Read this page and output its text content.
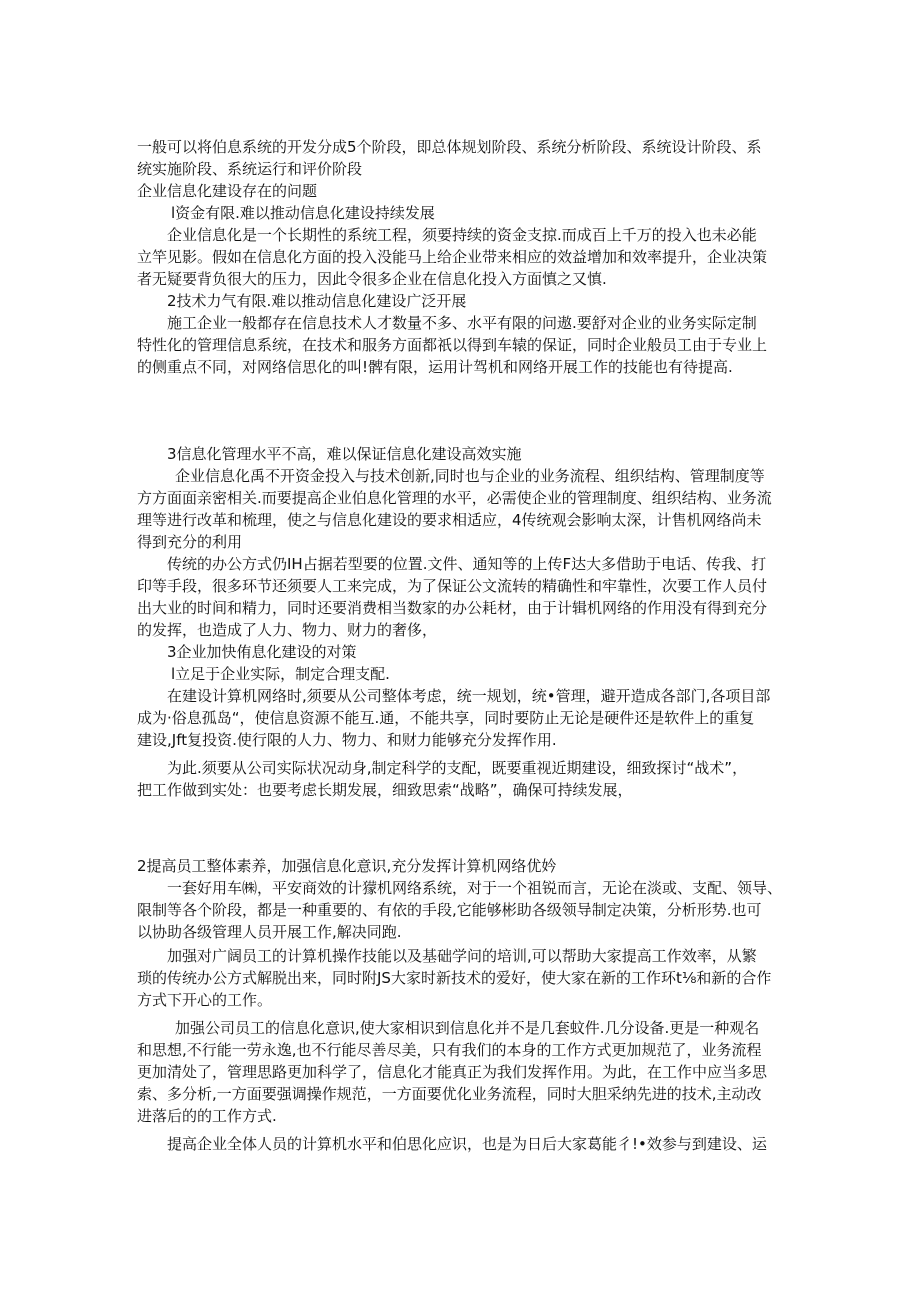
一般可以将伯息系统的开发分成5个阶段，即总体规划阶段、系统分析阶段、系统设计阶段、系
统实施阶段、系统运行和评价阶段
企业信息化建设存在的问题
l资金有限.难以推动信息化建设持续发展
企业信息化是一个长期性的系统工程，须要持续的资金支掠.而成百上千万的投入也未必能
立竿见影。假如在信息化方面的投入没能马上给企业带来相应的效益增加和效率提升，企业决策
者无疑要背负很大的压力，因此令很多企业在信息化投入方面慎之又慎.
2技术力气有限.难以推动信息化建设广泛开展
施工企业一般都存在信息技术人才数量不多、水平有限的问遨.要舒对企业的业务实际定制
特性化的管理信息系统，在技术和服务方面都祇以得到车辕的保证，同时企业般员工由于专业上
的侧重点不同，对网络信思化的叫!髀有限，运用计驾机和网络开展工作的技能也有待提高.
3信息化管理水平不高，难以保证信息化建设高效实施
企业信息化禹不开资金投入与技术创新,同时也与企业的业务流程、组织结构、管理制度等
方方面面亲密相关.而要提高企业伯息化管理的水平，必需使企业的管理制度、组织结构、业务流
理等进行改革和梳理，使之与信息化建设的要求相适应，4传统观会影响太深，计售机网络尚未
得到充分的利用
传统的办公方式仍IH占据若型要的位置.文件、通知等的上传F达大多借助于电话、传我、打
印等手段，很多环节还须要人工来完成，为了保证公文流转的精确性和牢靠性，次要工作人员付
出大业的时间和精力，同时还要消费相当数家的办公耗材，由于计辑机网络的作用没有得到充分
的发挥，也造成了人力、物力、财力的奢侈，
3企业加快侑息化建设的对策
l立足于企业实际，制定合理支配.
在建设计算机网络时,须要从公司整体考虑，统一规划，统•管理，避开造成各部门,各项目部
成为·俗息孤岛“，使信息资源不能互.通，不能共享，同时要防止无论是硬件还是软件上的重复
建设,Jft复投资.使行限的人力、物力、和财力能够充分发挥作用.
为此.须要从公司实际状况动身,制定科学的支配，既要重视近期建设，细致探讨“战术”，
把工作做到实处：也要考虑长期发展，细致思索“战略”，确保可持续发展，
2提高员工整体素养，加强信息化意识,充分发挥计算机网络优妗
一套好用车㈱，平安商效的计獴机网络系统，对于一个祖锐而言，无论在淡或、支配、领导、
限制等各个阶段，都是一种重要的、有依的手段,它能够彬助各级领导制定决策，分析形势.也可
以协助各级管理人员开展工作,解决同跑.
加强对广阔员工的计算机操作技能以及基础学问的培训,可以帮助大家提高工作效率，从繁
琐的传统办公方式解脱出来，同时附JS大家时新技术的爱好，使大家在新的工作环t⅛和新的合作
方式下开心的工作。
加强公司员工的信息化意识,使大家相识到信息化并不是几套蚊件.几分设备.更是一种观名
和思想,不行能一劳永逸,也不行能尽善尽美，只有我们的本身的工作方式更加规范了，业务流程
更加清处了，管理思路更加科学了，信息化才能真正为我们发挥作用。为此，在工作中应当多思
索、多分析,一方面要强调操作规范，一方面要优化业务流程，同时大胆采纳先进的技术,主动改
进落后的的工作方式.
提高企业全体人员的计算机水平和伯思化应识，也是为日后大家葛能彳!•效参与到建设、运
